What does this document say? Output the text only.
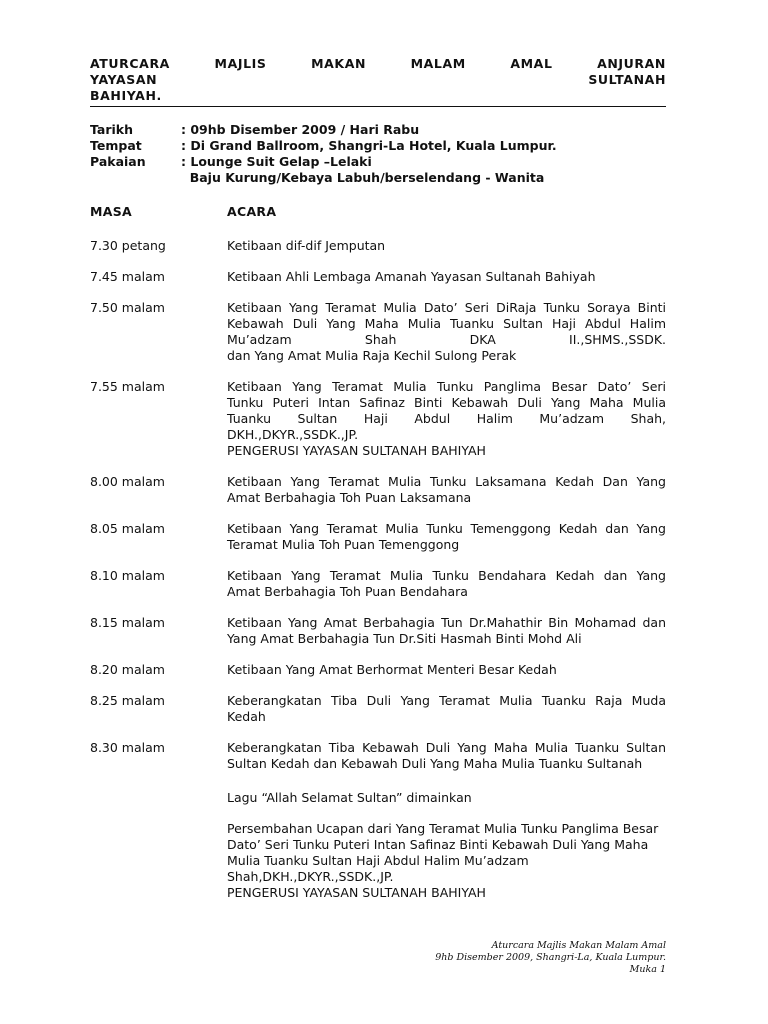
ATURCARA MAJLIS MAKAN MALAM AMAL ANJURAN YAYASAN SULTANAH
BAHIYAH.
Tarikh	: 09hb Disember 2009 / Hari Rabu
Tempat	: Di Grand Ballroom, Shangri-La Hotel, Kuala Lumpur.
Pakaian	: Lounge Suit Gelap –Lelaki
Baju Kurung/Kebaya Labuh/berselendang - Wanita
MASA	ACARA
7.30 petang	Ketibaan dif-dif Jemputan
7.45 malam	Ketibaan Ahli Lembaga Amanah Yayasan Sultanah Bahiyah
7.50 malam	Ketibaan Yang Teramat Mulia Dato’ Seri DiRaja Tunku Soraya Binti
Kebawah Duli Yang Maha Mulia Tuanku Sultan Haji Abdul Halim
Mu’adzam Shah DKA II.,SHMS.,SSDK.
dan Yang Amat Mulia Raja Kechil Sulong Perak
7.55 malam	Ketibaan Yang Teramat Mulia Tunku Panglima Besar Dato’ Seri
Tunku Puteri Intan Safinaz Binti Kebawah Duli Yang Maha Mulia
Tuanku Sultan Haji Abdul Halim Mu’adzam Shah,
DKH.,DKYR.,SSDK.,JP.
PENGERUSI YAYASAN SULTANAH BAHIYAH
8.00 malam	Ketibaan Yang Teramat Mulia Tunku Laksamana Kedah Dan Yang
Amat Berbahagia Toh Puan Laksamana
8.05 malam	Ketibaan Yang Teramat Mulia Tunku Temenggong Kedah dan Yang
Teramat Mulia Toh Puan Temenggong
8.10 malam	Ketibaan Yang Teramat Mulia Tunku Bendahara Kedah dan Yang
Amat Berbahagia Toh Puan Bendahara
8.15 malam	Ketibaan Yang Amat Berbahagia Tun Dr.Mahathir Bin Mohamad dan
Yang Amat Berbahagia Tun Dr.Siti Hasmah Binti Mohd Ali
8.20 malam	Ketibaan Yang Amat Berhormat Menteri Besar Kedah
8.25 malam	Keberangkatan Tiba Duli Yang Teramat Mulia Tuanku Raja Muda
Kedah
8.30 malam	Keberangkatan Tiba Kebawah Duli Yang Maha Mulia Tuanku Sultan
Sultan Kedah dan Kebawah Duli Yang Maha Mulia Tuanku Sultanah
Lagu “Allah Selamat Sultan” dimainkan
Persembahan Ucapan dari Yang Teramat Mulia Tunku Panglima Besar
Dato’ Seri Tunku Puteri Intan Safinaz Binti Kebawah Duli Yang Maha
Mulia Tuanku Sultan Haji Abdul Halim Mu’adzam
Shah,DKH.,DKYR.,SSDK.,JP.
PENGERUSI YAYASAN SULTANAH BAHIYAH
Aturcara Majlis Makan Malam Amal
9hb Disember 2009, Shangri-La, Kuala Lumpur.
Muka 1
